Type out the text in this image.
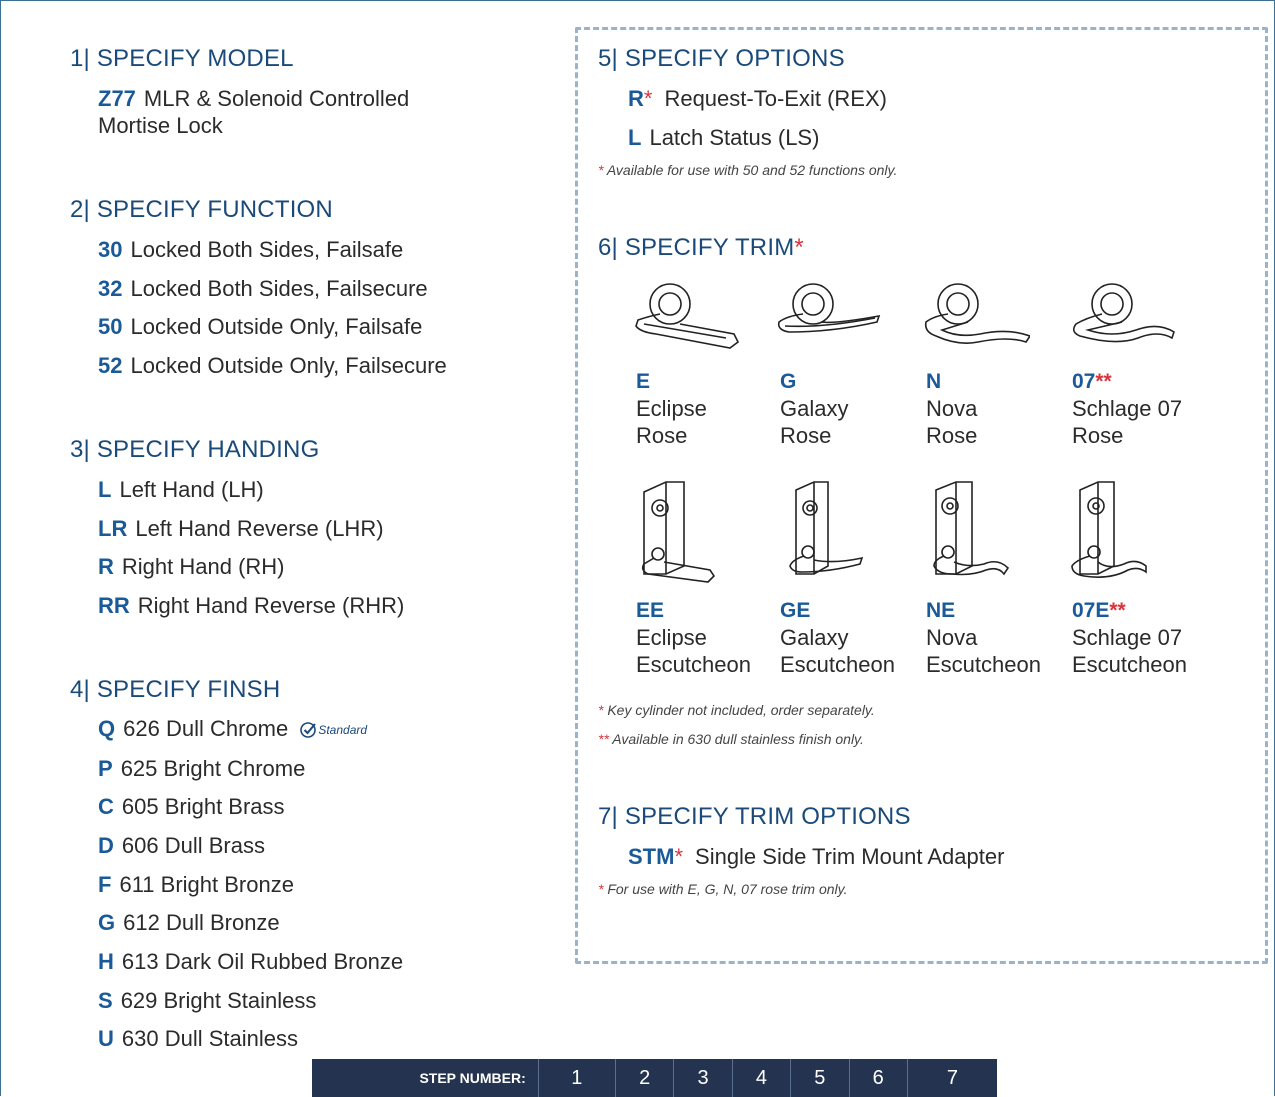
1| SPECIFY MODEL
Z77 MLR & Solenoid Controlled
Mortise Lock
2| SPECIFY FUNCTION
30 Locked Both Sides, Failsafe
32 Locked Both Sides, Failsecure
50 Locked Outside Only, Failsafe
52 Locked Outside Only, Failsecure
3| SPECIFY HANDING
L Left Hand (LH)
LR Left Hand Reverse (LHR)
R Right Hand (RH)
RR Right Hand Reverse (RHR)
4| SPECIFY FINSH
Q 626 Dull Chrome	Standard
P 625 Bright Chrome
C 605 Bright Brass
D 606 Dull Brass
F 611 Bright Bronze
G 612 Dull Bronze
H 613 Dark Oil Rubbed Bronze
S 629 Bright Stainless
U 630 Dull Stainless
5| SPECIFY OPTIONS
R* Request-To-Exit (REX)
L Latch Status (LS)
* Available for use with 50 and 52 functions only.
6| SPECIFY TRIM*
E
Eclipse
Rose
G
Galaxy
Rose
N
Nova
Rose
07**
Schlage 07
Rose
EE
Eclipse
Escutcheon
GE
Galaxy
Escutcheon
NE
Nova
Escutcheon
07E**
Schlage 07
Escutcheon
* Key cylinder not included, order separately.
** Available in 630 dull stainless finish only.
7| SPECIFY TRIM OPTIONS
STM* Single Side Trim Mount Adapter
* For use with E, G, N, 07 rose trim only.
STEP NUMBER:	1	2	3	4	5	6	7
